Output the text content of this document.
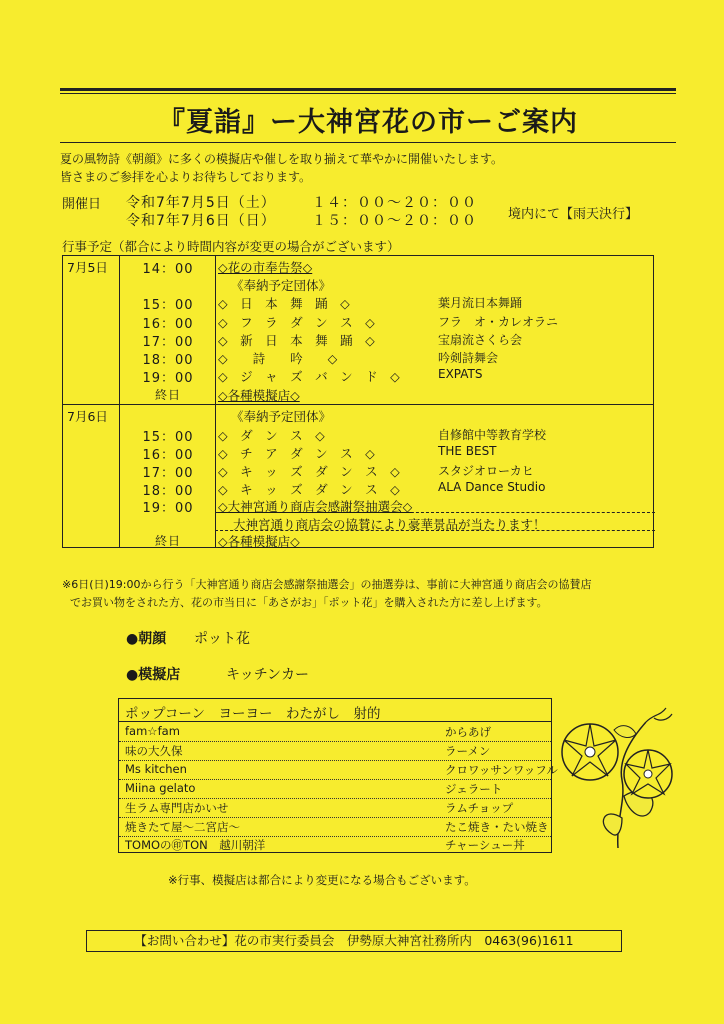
『夏詣』ー大神宮花の市ーご案内
夏の風物詩《朝顔》に多くの模擬店や催しを取り揃えて華やかに開催いたします。
皆さまのご参拝を心よりお待ちしております。
開催日 令和7年7月5日（土）	１４：００～２０：００
令和7年7月6日（日）	１５：００～２０：００ 境内にて【雨天決行】
行事予定（都合により時間内容が変更の場合がございます）
7月5日	14：00	◇花の市奉告祭◇
《奉納予定団体》
15：00	◇　日　本　舞　踊　◇	葉月流日本舞踊
16：00	◇　フ　ラ　ダ　ン　ス　◇	フラ　オ・カレオラニ
17：00	◇　新　日　本　舞　踊　◇	宝扇流さくら会
18：00	◇　　詩　　吟　　◇	吟剣詩舞会
19：00	◇　ジ　ャ　ズ　バ　ン　ド　◇	EXPATS
終日	◇各種模擬店◇
7月6日	《奉納予定団体》
15：00	◇　ダ　ン　ス　◇	自修館中等教育学校
16：00	◇　チ　ア　ダ　ン　ス　◇	THE BEST
17：00	◇　キ　ッ　ズ　ダ　ン　ス　◇	スタジオローカヒ
18：00	◇　キ　ッ　ズ　ダ　ン　ス　◇	ALA Dance Studio
19：00	◇大神宮通り商店会感謝祭抽選会◇
大神宮通り商店会の協賛により豪華景品が当たります！
終日	◇各種模擬店◇
※6日(日)19:00から行う「大神宮通り商店会感謝祭抽選会」の抽選券は、事前に大神宮通り商店会の協賛店
でお買い物をされた方、花の市当日に「あさがお」「ポット花」を購入された方に差し上げます。
●朝顔 ポット花
●模擬店	キッチンカー
ポップコーン　ヨーヨー　わたがし　射的
fam☆fam	からあげ
味の大久保	ラーメン
Ms kitchen	クロワッサンワッフル
Miina gelato	ジェラート
生ラム専門店かいせ	ラムチョップ
焼きたて屋～二宮店～	たこ焼き・たい焼き
TOMOの㊞TON　越川朝洋	チャーシュー丼
※行事、模擬店は都合により変更になる場合もございます。
【お問い合わせ】花の市実行委員会　伊勢原大神宮社務所内　0463(96)1611
